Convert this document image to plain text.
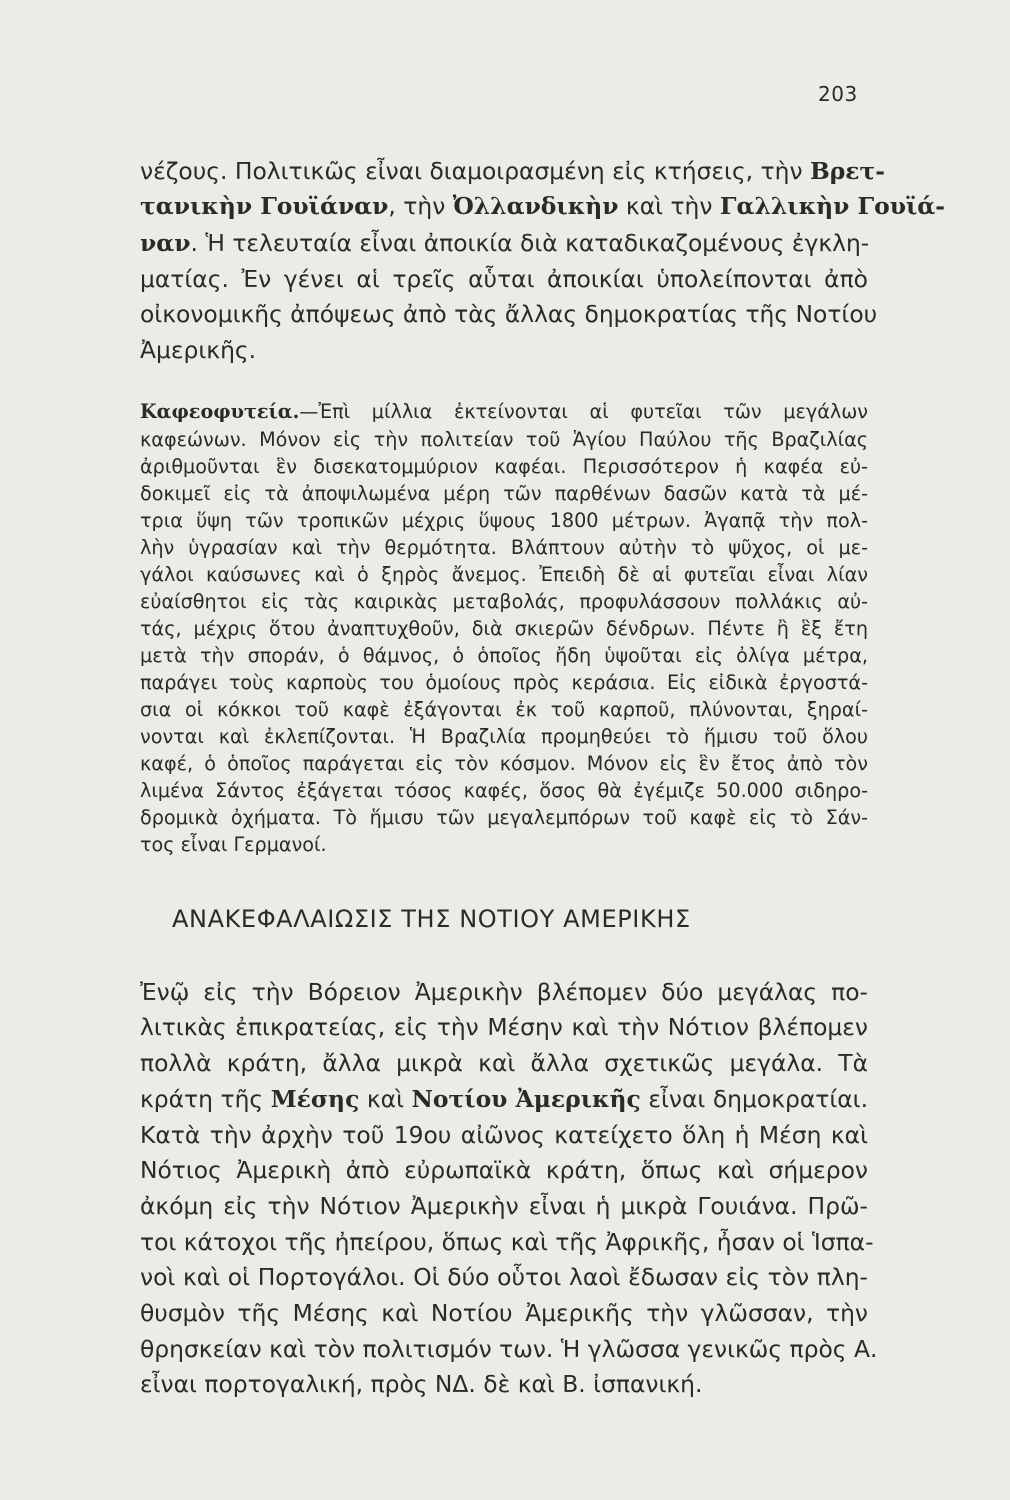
203
νέζους. Πολιτικῶς εἶναι διαμοιρασμένη εἰς κτήσεις, τὴν Βρετ-
τανικὴν Γουϊάναν, τὴν Ὀλλανδικὴν καὶ τὴν Γαλλικὴν Γουϊά-
ναν. Ἡ τελευταία εἶναι ἀποικία διὰ καταδικαζομένους ἐγκλη-
ματίας. Ἐν γένει αἱ τρεῖς αὗται ἀποικίαι ὑπολείπονται ἀπὸ
οἰκονομικῆς ἀπόψεως ἀπὸ τὰς ἄλλας δημοκρατίας τῆς Νοτίου
Ἀμερικῆς.
Καφεοφυτεία.—Ἐπὶ μίλλια ἐκτείνονται αἱ φυτεῖαι τῶν μεγάλων
καφεώνων. Μόνον εἰς τὴν πολιτείαν τοῦ Ἁγίου Παύλου τῆς Βραζιλίας
ἀριθμοῦνται ἓν δισεκατομμύριον καφέαι. Περισσότερον ἡ καφέα εὐ-
δοκιμεῖ εἰς τὰ ἀποψιλωμένα μέρη τῶν παρθένων δασῶν κατὰ τὰ μέ-
τρια ὕψη τῶν τροπικῶν μέχρις ὕψους 1800 μέτρων. Ἀγαπᾷ τὴν πολ-
λὴν ὑγρασίαν καὶ τὴν θερμότητα. Βλάπτουν αὐτὴν τὸ ψῦχος, οἱ με-
γάλοι καύσωνες καὶ ὁ ξηρὸς ἄνεμος. Ἐπειδὴ δὲ αἱ φυτεῖαι εἶναι λίαν
εὐαίσθητοι εἰς τὰς καιρικὰς μεταβολάς, προφυλάσσουν πολλάκις αὐ-
τάς, μέχρις ὅτου ἀναπτυχθοῦν, διὰ σκιερῶν δένδρων. Πέντε ἢ ἓξ ἔτη
μετὰ τὴν σποράν, ὁ θάμνος, ὁ ὁποῖος ἤδη ὑψοῦται εἰς ὀλίγα μέτρα,
παράγει τοὺς καρποὺς του ὁμοίους πρὸς κεράσια. Εἰς εἰδικὰ ἐργοστά-
σια οἱ κόκκοι τοῦ καφὲ ἐξάγονται ἐκ τοῦ καρποῦ, πλύνονται, ξηραί-
νονται καὶ ἐκλεπίζονται. Ἡ Βραζιλία προμηθεύει τὸ ἥμισυ τοῦ ὅλου
καφέ, ὁ ὁποῖος παράγεται εἰς τὸν κόσμον. Μόνον εἰς ἓν ἔτος ἀπὸ τὸν
λιμένα Σάντος ἐξάγεται τόσος καφές, ὅσος θὰ ἐγέμιζε 50.000 σιδηρο-
δρομικὰ ὀχήματα. Τὸ ἥμισυ τῶν μεγαλεμπόρων τοῦ καφὲ εἰς τὸ Σάν-
τος εἶναι Γερμανοί.
ΑΝΑΚΕΦΑΛΑΙΩΣΙΣ ΤΗΣ ΝΟΤΙΟΥ ΑΜΕΡΙΚΗΣ
Ἐνῷ εἰς τὴν Βόρειον Ἀμερικὴν βλέπομεν δύο μεγάλας πο-
λιτικὰς ἐπικρατείας, εἰς τὴν Μέσην καὶ τὴν Νότιον βλέπομεν
πολλὰ κράτη, ἄλλα μικρὰ καὶ ἄλλα σχετικῶς μεγάλα. Τὰ
κράτη τῆς Μέσης καὶ Νοτίου Ἀμερικῆς εἶναι δημοκρατίαι.
Κατὰ τὴν ἀρχὴν τοῦ 19ου αἰῶνος κατείχετο ὅλη ἡ Μέση καὶ
Νότιος Ἀμερικὴ ἀπὸ εὐρωπαϊκὰ κράτη, ὅπως καὶ σήμερον
ἀκόμη εἰς τὴν Νότιον Ἀμερικὴν εἶναι ἡ μικρὰ Γουιάνα. Πρῶ-
τοι κάτοχοι τῆς ἠπείρου, ὅπως καὶ τῆς Ἀφρικῆς, ἦσαν οἱ Ἱσπα-
νοὶ καὶ οἱ Πορτογάλοι. Οἱ δύο οὗτοι λαοὶ ἔδωσαν εἰς τὸν πλη-
θυσμὸν τῆς Μέσης καὶ Νοτίου Ἀμερικῆς τὴν γλῶσσαν, τὴν
θρησκείαν καὶ τὸν πολιτισμόν των. Ἡ γλῶσσα γενικῶς πρὸς Α.
εἶναι πορτογαλική, πρὸς ΝΔ. δὲ καὶ Β. ἰσπανική.
